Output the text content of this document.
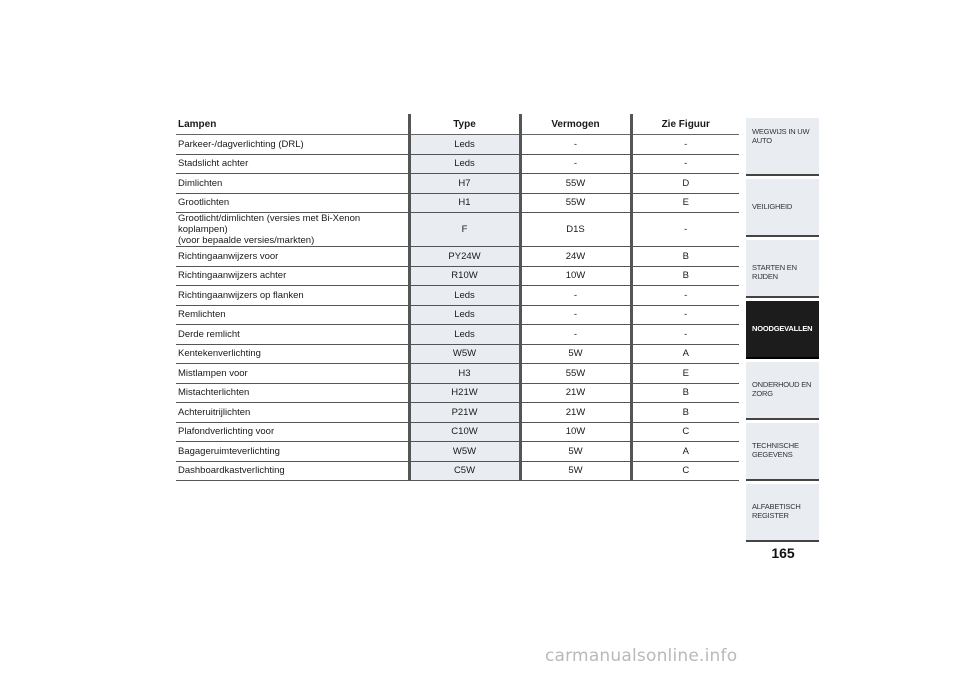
Lampen	Type	Vermogen	Zie Figuur
Parkeer-/dagverlichting (DRL)	Leds	-	-
Stadslicht achter	Leds	-	-
Dimlichten	H7	55W	D
Grootlichten	H1	55W	E
Grootlicht/dimlichten (versies met Bi-Xenon koplampen)
(voor bepaalde versies/markten)	F	D1S	-
Richtingaanwijzers voor	PY24W	24W	B
Richtingaanwijzers achter	R10W	10W	B
Richtingaanwijzers op flanken	Leds	-	-
Remlichten	Leds	-	-
Derde remlicht	Leds	-	-
Kentekenverlichting	W5W	5W	A
Mistlampen voor	H3	55W	E
Mistachterlichten	H21W	21W	B
Achteruitrijlichten	P21W	21W	B
Plafondverlichting voor	C10W	10W	C
Bagageruimteverlichting	W5W	5W	A
Dashboardkastverlichting	C5W	5W	C
WEGWIJS IN UW
AUTO
VEILIGHEID
STARTEN EN RIJDEN
NOODGEVALLEN
ONDERHOUD EN
ZORG
TECHNISCHE
GEGEVENS
ALFABETISCH
REGISTER
165
carmanualsonline.info
